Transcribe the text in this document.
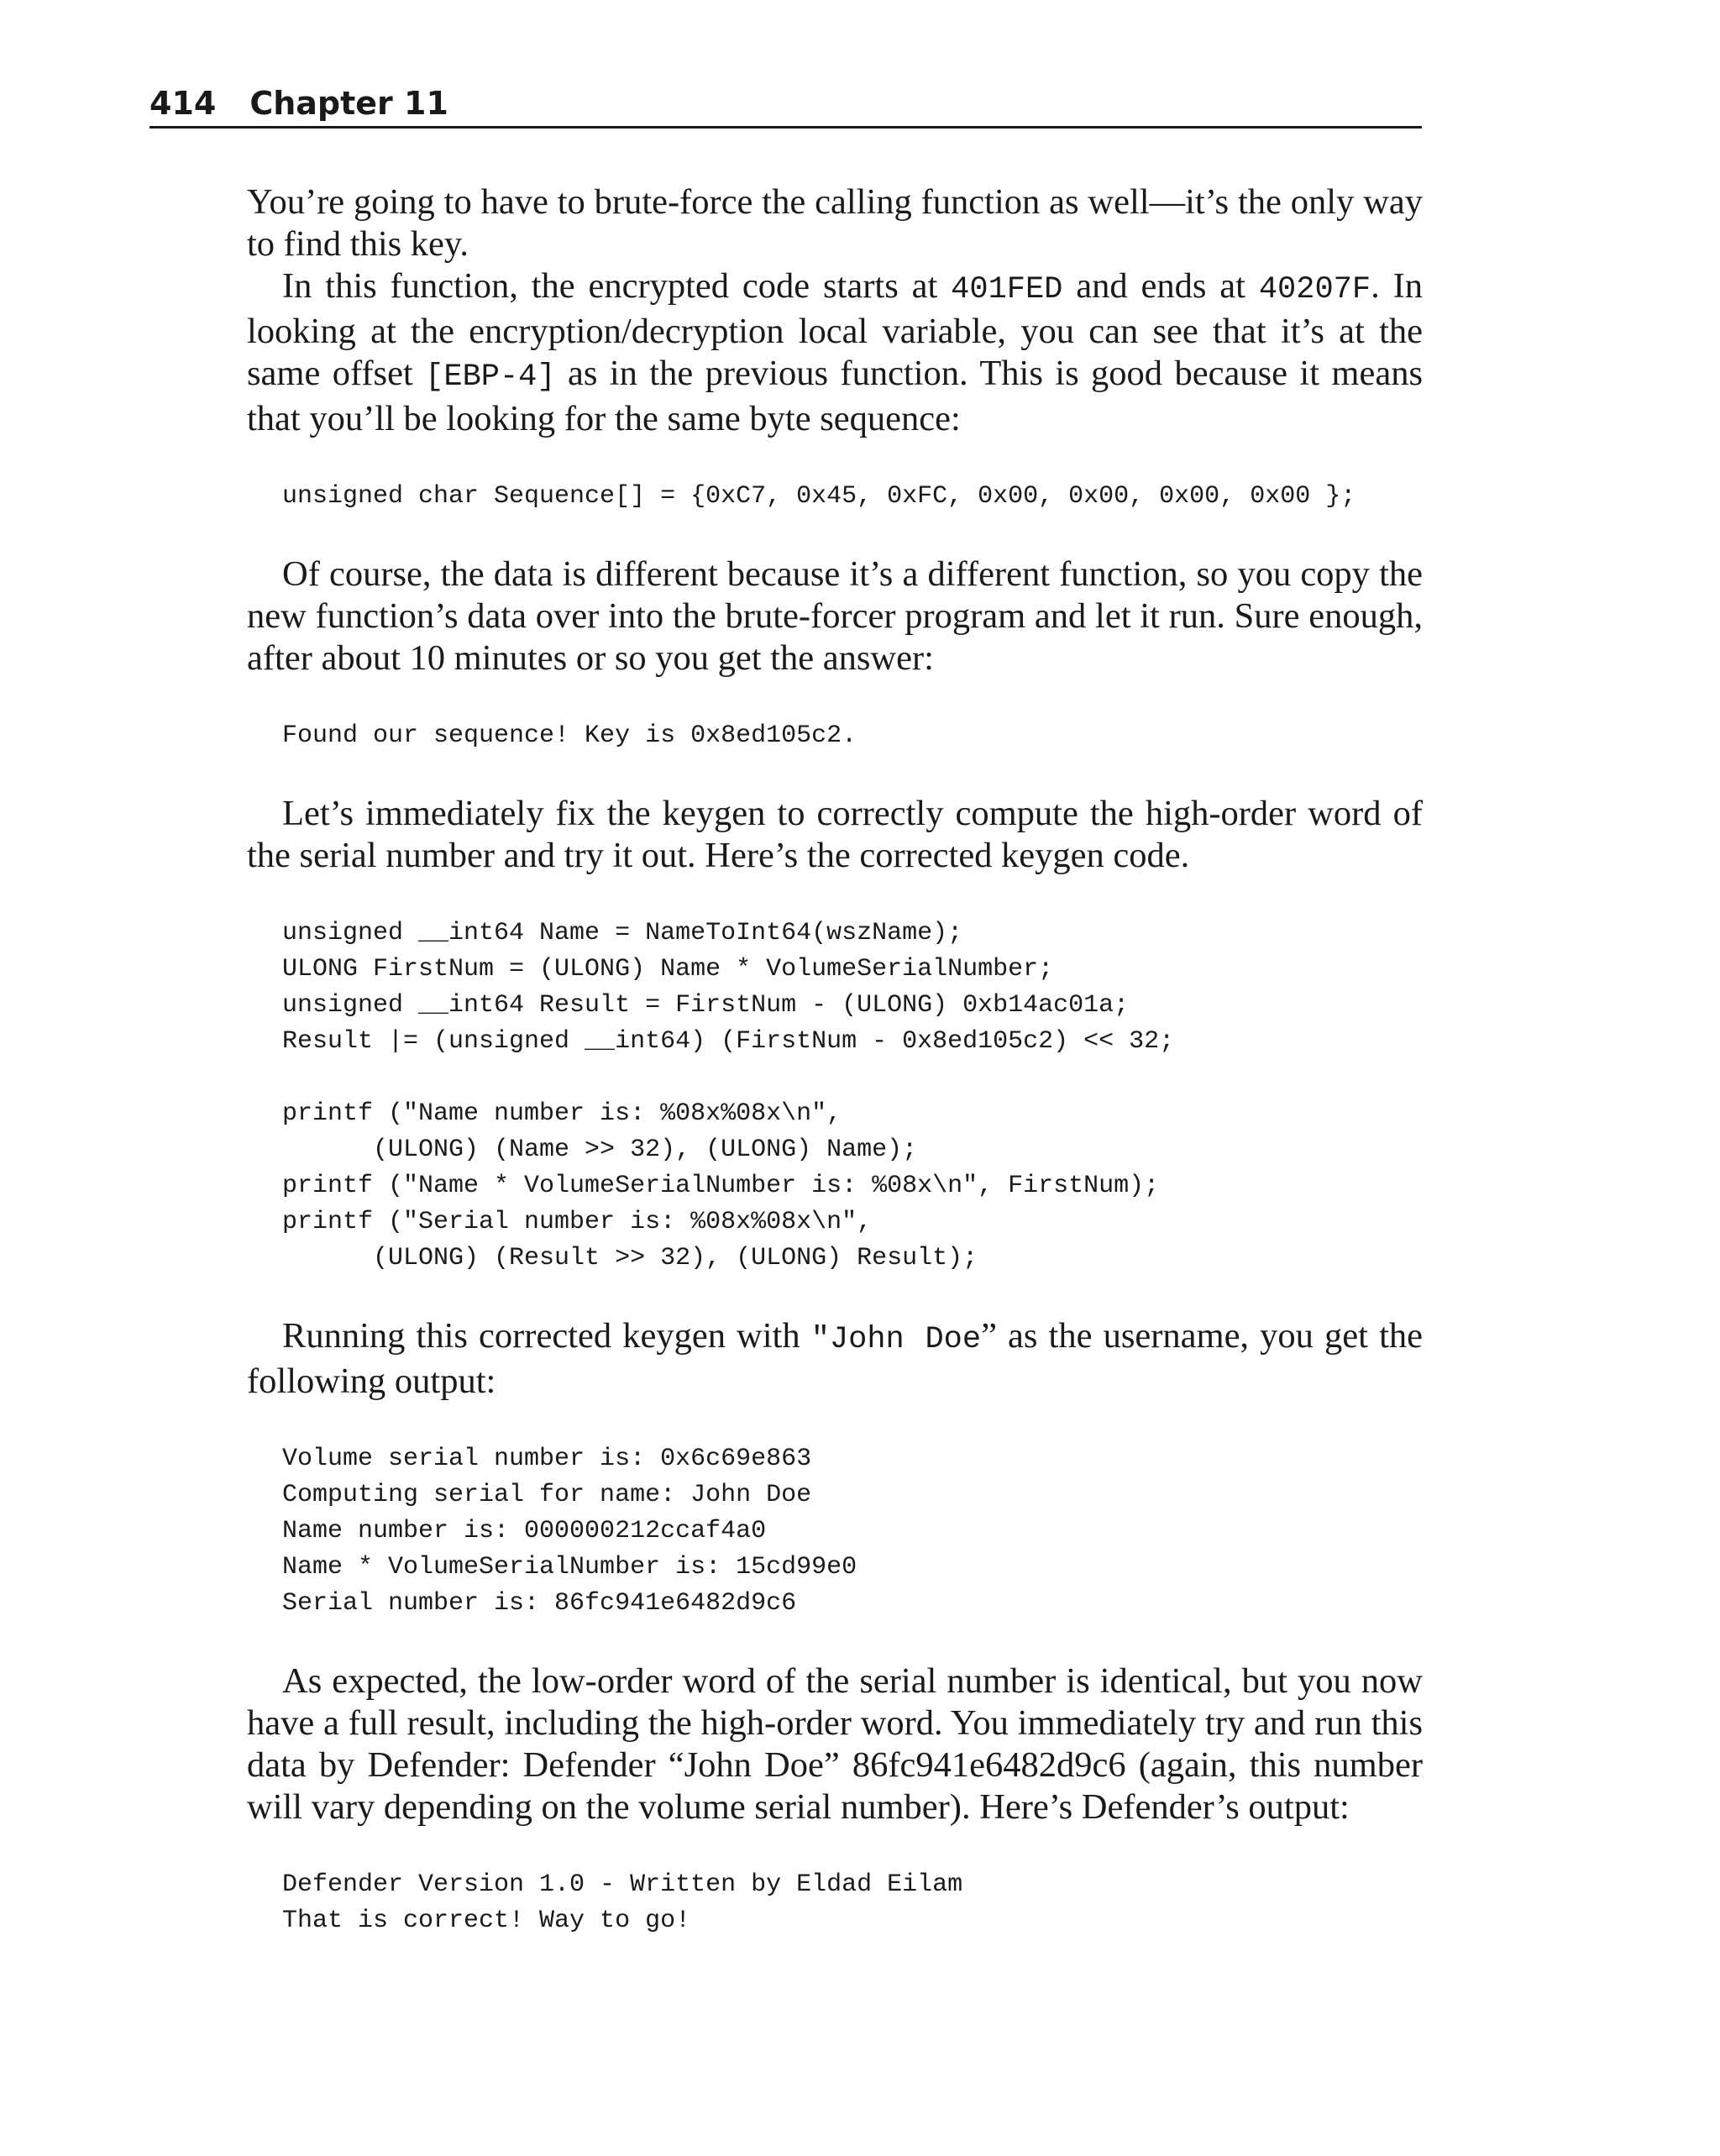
414 Chapter 11

You’re going to have to brute-force the calling function as well—it’s the only way to find this key.

In this function, the encrypted code starts at 401FED and ends at 40207F. In looking at the encryption/decryption local variable, you can see that it’s at the same offset [EBP-4] as in the previous function. This is good because it means that you’ll be looking for the same byte sequence:

unsigned char Sequence[] = {0xC7, 0x45, 0xFC, 0x00, 0x00, 0x00, 0x00 };

Of course, the data is different because it’s a different function, so you copy the new function’s data over into the brute-forcer program and let it run. Sure enough, after about 10 minutes or so you get the answer:

Found our sequence! Key is 0x8ed105c2.

Let’s immediately fix the keygen to correctly compute the high-order word of the serial number and try it out. Here’s the corrected keygen code.

unsigned __int64 Name = NameToInt64(wszName);
ULONG FirstNum = (ULONG) Name * VolumeSerialNumber;
unsigned __int64 Result = FirstNum - (ULONG) 0xb14ac01a;
Result |= (unsigned __int64) (FirstNum - 0x8ed105c2) << 32;
printf ("Name number is: %08x%08x\n",
(ULONG) (Name >> 32), (ULONG) Name);
printf ("Name * VolumeSerialNumber is: %08x\n", FirstNum);
printf ("Serial number is: %08x%08x\n",
(ULONG) (Result >> 32), (ULONG) Result);

Running this corrected keygen with "John Doe” as the username, you get the following output:

Volume serial number is: 0x6c69e863
Computing serial for name: John Doe
Name number is: 000000212ccaf4a0
Name * VolumeSerialNumber is: 15cd99e0
Serial number is: 86fc941e6482d9c6

As expected, the low-order word of the serial number is identical, but you now have a full result, including the high-order word. You immediately try and run this data by Defender: Defender “John Doe” 86fc941e6482d9c6 (again, this number will vary depending on the volume serial number). Here’s Defender’s output:

Defender Version 1.0 - Written by Eldad Eilam
That is correct! Way to go!
